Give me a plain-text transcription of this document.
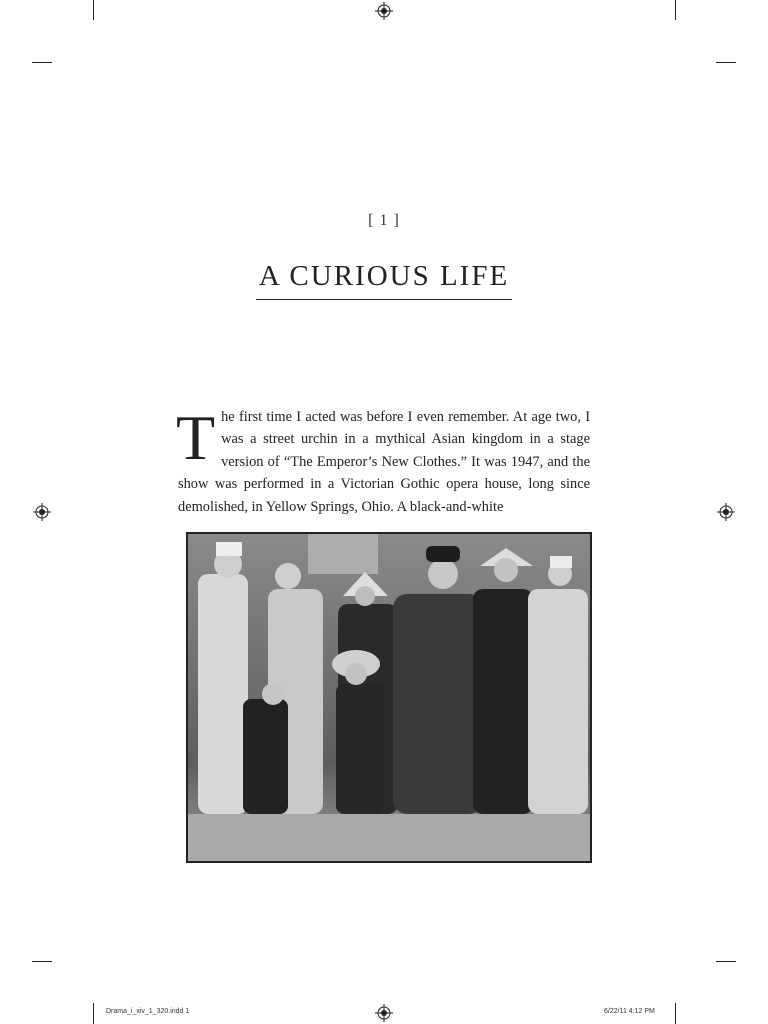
[ 1 ]
A CURIOUS LIFE
The first time I acted was before I even remember. At age two, I was a street urchin in a mythical Asian kingdom in a stage version of “The Emperor’s New Clothes.” It was 1947, and the show was performed in a Victorian Gothic opera house, long since demolished, in Yellow Springs, Ohio. A black-and-white
Drama_i_xiv_1_320.indd 1	6/22/11 4:12 PM
